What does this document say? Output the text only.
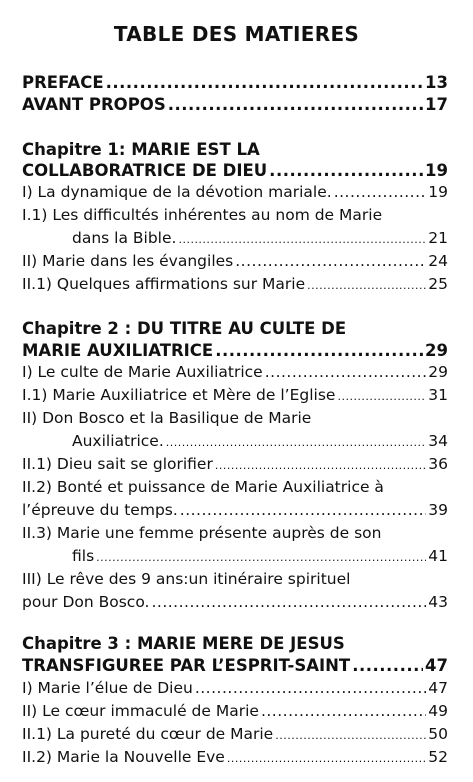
TABLE DES MATIERES
PREFACE .....	13
AVANT PROPOS .....	17
Chapitre 1: MARIE EST LA
COLLABORATRICE DE DIEU .....	19
I) La dynamique de la dévotion mariale. .....	19
I.1) Les difficultés inhérentes au nom de Marie
dans la Bible. .....	21
II) Marie dans les évangiles .....	24
II.1) Quelques affirmations sur Marie .....	25
Chapitre 2 : DU TITRE AU CULTE DE
MARIE AUXILIATRICE .....	29
I) Le culte de Marie Auxiliatrice .....	29
I.1) Marie Auxiliatrice et Mère de l’Eglise .....	31
II) Don Bosco et la Basilique de Marie
Auxiliatrice. .....	34
II.1) Dieu sait se glorifier .....	36
II.2) Bonté et puissance de Marie Auxiliatrice à
l’épreuve du temps. .....	39
II.3) Marie une femme présente auprès de son
fils .....	41
III) Le rêve des 9 ans:un itinéraire spirituel
pour Don Bosco. .....	43
Chapitre 3 : MARIE MERE DE JESUS
TRANSFIGUREE PAR L’ESPRIT-SAINT .....	47
I) Marie l’élue de Dieu .....	47
II) Le cœur immaculé de Marie .....	49
II.1) La pureté du cœur de Marie .....	50
II.2) Marie la Nouvelle Eve .....	52
